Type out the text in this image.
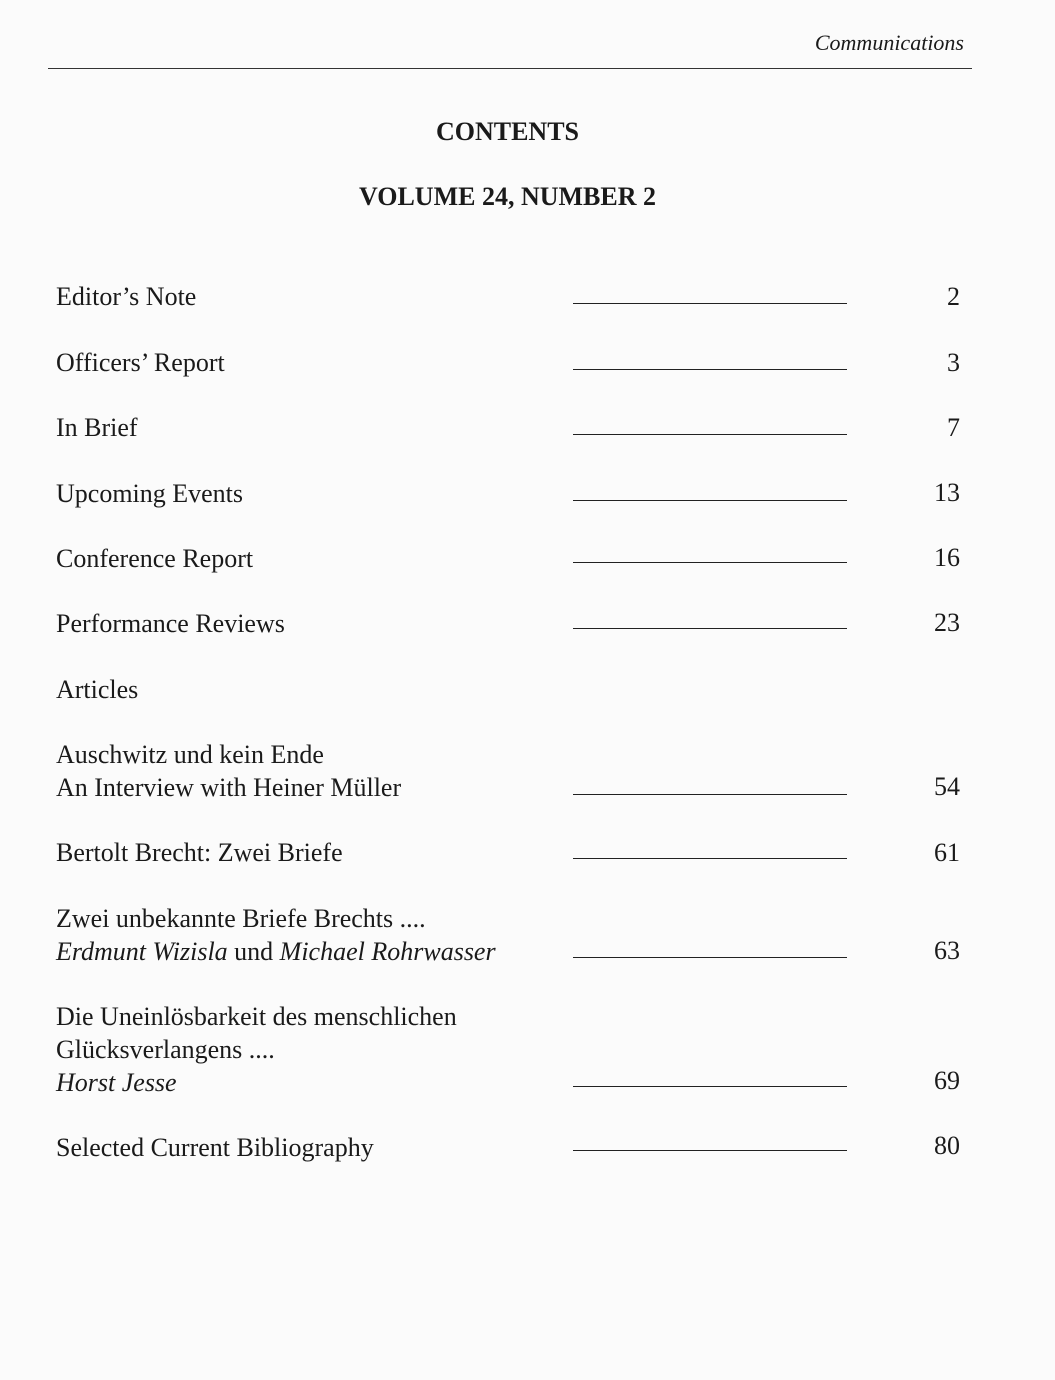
Communications
CONTENTS
VOLUME 24, NUMBER 2
Editor’s Note	2
Officers’ Report	3
In Brief	7
Upcoming Events	13
Conference Report	16
Performance Reviews	23
Articles
Auschwitz und kein Ende
An Interview with Heiner Müller	54
Bertolt Brecht: Zwei Briefe	61
Zwei unbekannte Briefe Brechts ....
Erdmunt Wizisla und Michael Rohrwasser	63
Die Uneinlösbarkeit des menschlichen
Glücksverlangens ....
Horst Jesse	69
Selected Current Bibliography	80
